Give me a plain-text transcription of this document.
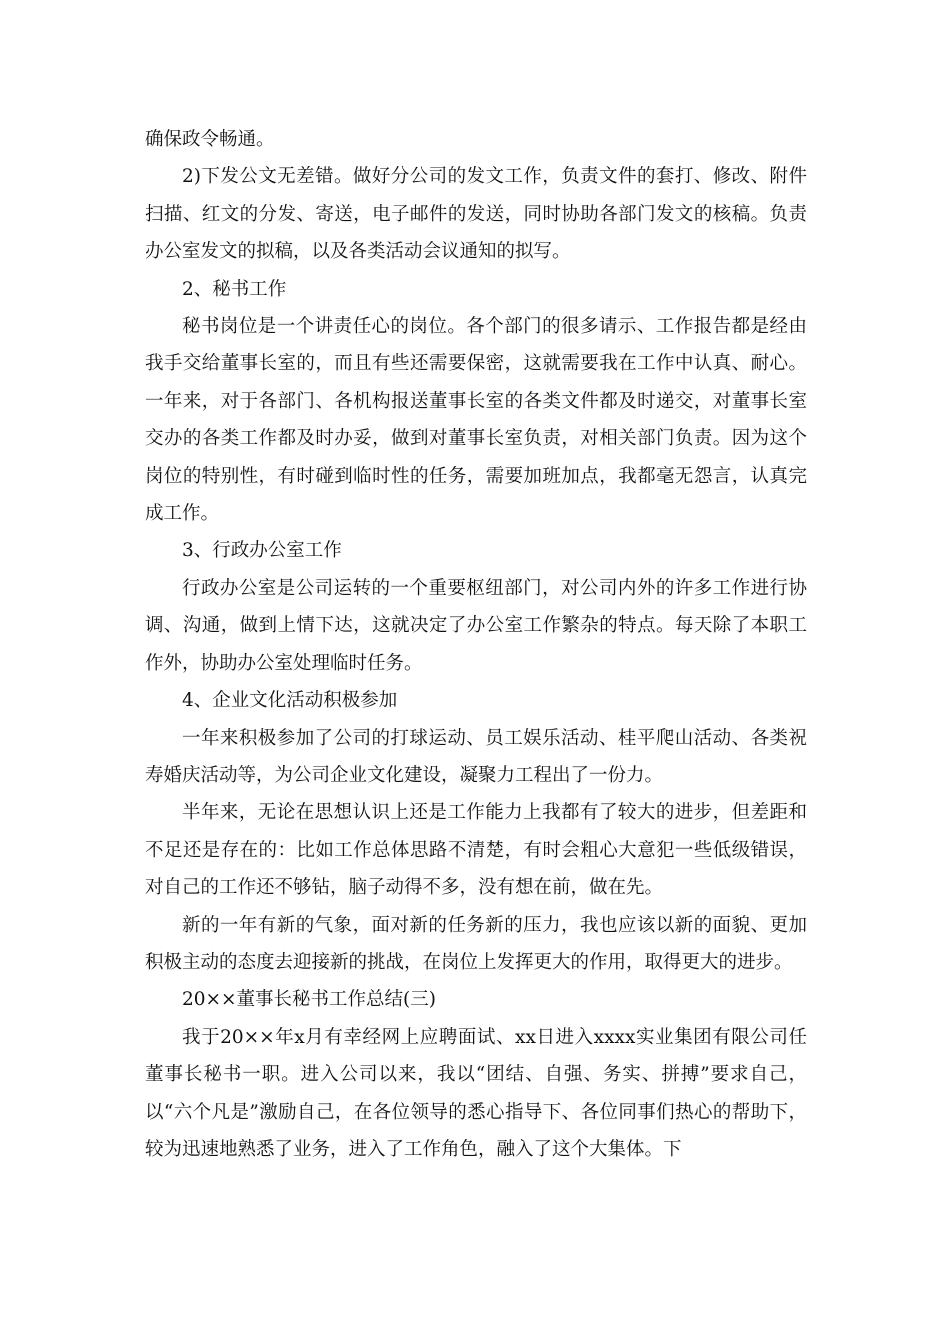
确保政令畅通。

2)下发公文无差错。做好分公司的发文工作，负责文件的套打、修改、附件扫描、红文的分发、寄送，电子邮件的发送，同时协助各部门发文的核稿。负责办公室发文的拟稿，以及各类活动会议通知的拟写。

2、秘书工作

秘书岗位是一个讲责任心的岗位。各个部门的很多请示、工作报告都是经由我手交给董事长室的，而且有些还需要保密，这就需要我在工作中认真、耐心。一年来，对于各部门、各机构报送董事长室的各类文件都及时递交，对董事长室交办的各类工作都及时办妥，做到对董事长室负责，对相关部门负责。因为这个岗位的特别性，有时碰到临时性的任务，需要加班加点，我都毫无怨言，认真完成工作。

3、行政办公室工作

行政办公室是公司运转的一个重要枢纽部门，对公司内外的许多工作进行协调、沟通，做到上情下达，这就决定了办公室工作繁杂的特点。每天除了本职工作外，协助办公室处理临时任务。

4、企业文化活动积极参加

一年来积极参加了公司的打球运动、员工娱乐活动、桂平爬山活动、各类祝寿婚庆活动等，为公司企业文化建设，凝聚力工程出了一份力。

半年来，无论在思想认识上还是工作能力上我都有了较大的进步，但差距和不足还是存在的：比如工作总体思路不清楚，有时会粗心大意犯一些低级错误，对自己的工作还不够钻，脑子动得不多，没有想在前，做在先。

新的一年有新的气象，面对新的任务新的压力，我也应该以新的面貌、更加积极主动的态度去迎接新的挑战，在岗位上发挥更大的作用，取得更大的进步。

20××董事长秘书工作总结(三)

我于20××年x月有幸经网上应聘面试、xx日进入xxxx实业集团有限公司任董事长秘书一职。进入公司以来，我以“团结、自强、务实、拼搏”要求自己，以“六个凡是”激励自己，在各位领导的悉心指导下、各位同事们热心的帮助下，较为迅速地熟悉了业务，进入了工作角色，融入了这个大集体。下
